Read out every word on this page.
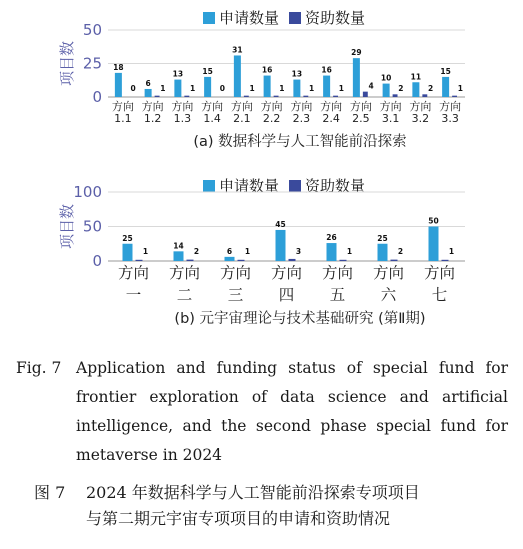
申请数量 资助数量
项目数
0
25
50
18
0
方向
1.1
6
1
方向
1.2
13
1
方向
1.3
15
0
方向
1.4
31
1
方向
2.1
16
1
方向
2.2
13
1
方向
2.3
16
1
方向
2.4
29
4
方向
2.5
10
2
方向
3.1
11
2
方向
3.2
15
1
方向
3.3
(a) 数据科学与人工智能前沿探索
申请数量 资助数量
项目数
0
50
100
25
1
方向
一
14
2
方向
二
6 1
方向
三
45
3
方向
四
26
1
方向
五
25
2
方向
六
50
1
方向
七
(b) 元宇宙理论与技术基础研究 (第Ⅱ期)
Fig. 7 Application and funding status of special fund for frontier exploration of data science and artificial intelligence, and the second phase special fund for metaverse in 2024
图 7 2024 年数据科学与人工智能前沿探索专项项目
与第二期元宇宙专项项目的申请和资助情况
